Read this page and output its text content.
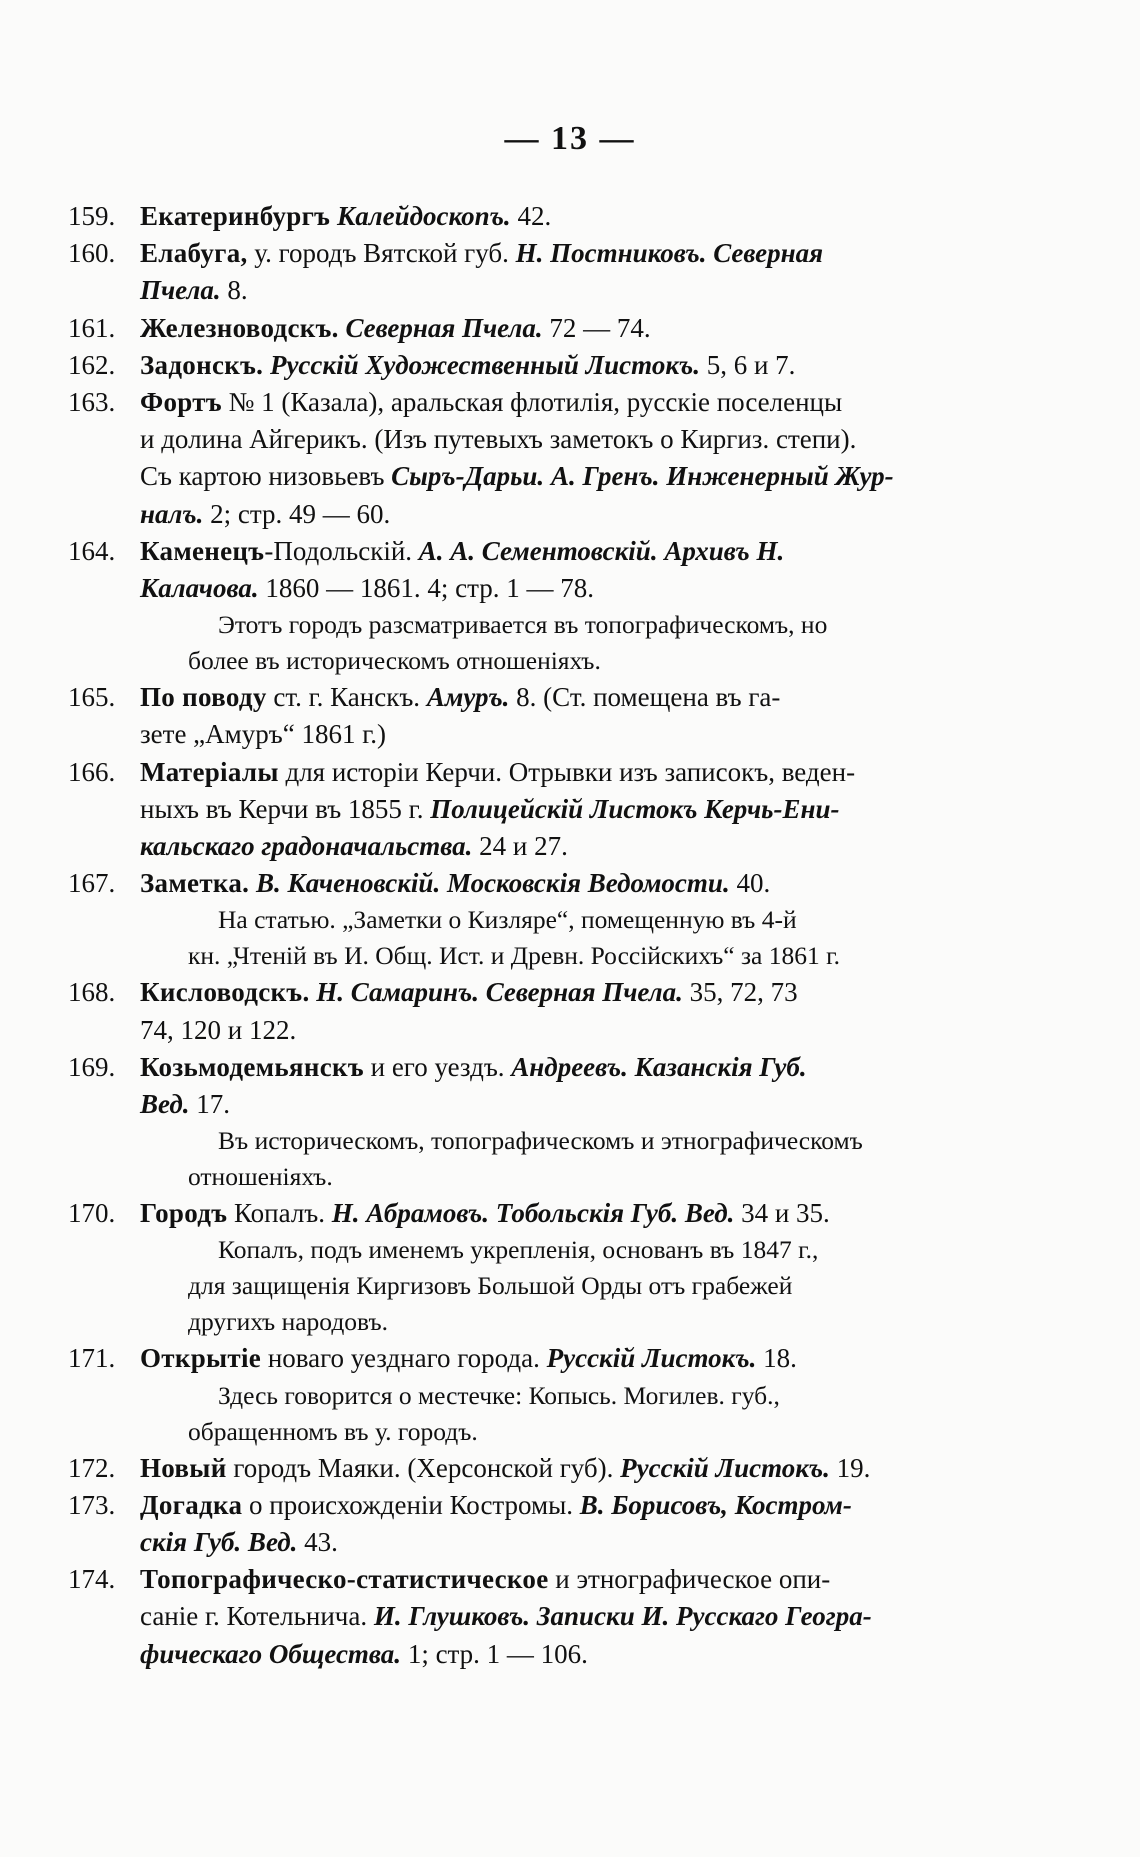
— 13 —
159. Екатеринбургъ Калейдоскопъ. 42.
160. Елабуга, у. городъ Вятской губ. Н. Постниковъ. Северная
Пчела. 8.
161. Железноводскъ. Северная Пчела. 72 — 74.
162. Задонскъ. Русскій Художественный Листокъ. 5, 6 и 7.
163. Фортъ № 1 (Казала), аральская флотилія, русскіе поселенцы
и долина Айгерикъ. (Изъ путевыхъ заметокъ о Киргиз. степи).
Съ картою низовьевъ Сыръ-Дарьи. А. Гренъ. Инженерный Жур-
налъ. 2; стр. 49 — 60.
164. Каменецъ-Подольскій. А. А. Сементовскій. Архивъ Н.
Калачова. 1860 — 1861. 4; стр. 1 — 78.
Этотъ городъ разсматривается въ топографическомъ, но
более въ историческомъ отношеніяхъ.
165. По поводу ст. г. Канскъ. Амуръ. 8. (Ст. помещена въ га-
зете „Амуръ“ 1861 г.)
166. Матеріалы для исторіи Керчи. Отрывки изъ записокъ, веден-
ныхъ въ Керчи въ 1855 г. Полицейскій Листокъ Керчь-Ени-
кальскаго градоначальства. 24 и 27.
167. Заметка. В. Каченовскій. Московскія Ведомости. 40.
На статью. „Заметки о Кизляре“, помещенную въ 4-й
кн. „Чтеній въ И. Общ. Ист. и Древн. Россійскихъ“ за 1861 г.
168. Кисловодскъ. Н. Самаринъ. Северная Пчела. 35, 72, 73
74, 120 и 122.
169. Козьмодемьянскъ и его уездъ. Андреевъ. Казанскія Губ.
Вед. 17.
Въ историческомъ, топографическомъ и этнографическомъ
отношеніяхъ.
170. Городъ Копалъ. Н. Абрамовъ. Тобольскія Губ. Вед. 34 и 35.
Копалъ, подъ именемъ укрепленія, основанъ въ 1847 г.,
для защищенія Киргизовъ Большой Орды отъ грабежей
другихъ народовъ.
171. Открытіе новаго уезднаго города. Русскій Листокъ. 18.
Здесь говорится о местечке: Копысь. Могилев. губ.,
обращенномъ въ у. городъ.
172. Новый городъ Маяки. (Херсонской губ). Русскій Листокъ. 19.
173. Догадка о происхожденіи Костромы. В. Борисовъ, Костром-
скія Губ. Вед. 43.
174. Топографическо-статистическое и этнографическое опи-
саніе г. Котельнича. И. Глушковъ. Записки И. Русскаго Геогра-
фическаго Общества. 1; стр. 1 — 106.
